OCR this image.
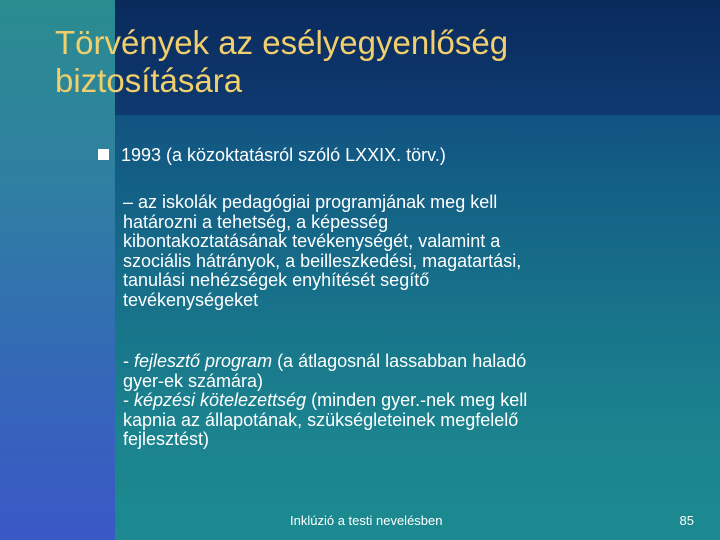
Törvények az esélyegyenlőség
biztosítására
1993 (a közoktatásról szóló LXXIX. törv.)
– az iskolák pedagógiai programjának meg kell
határozni a tehetség, a képesség
kibontakoztatásának tevékenységét, valamint a
szociális hátrányok, a beilleszkedési, magatartási,
tanulási nehézségek enyhítését segítő
tevékenységeket
- fejlesztő program (a átlagosnál lassabban haladó
gyer-ek számára)
- képzési kötelezettség (minden gyer.-nek meg kell
kapnia az állapotának, szükségleteinek megfelelő
fejlesztést)
Inklúzió a testi nevelésben	85
